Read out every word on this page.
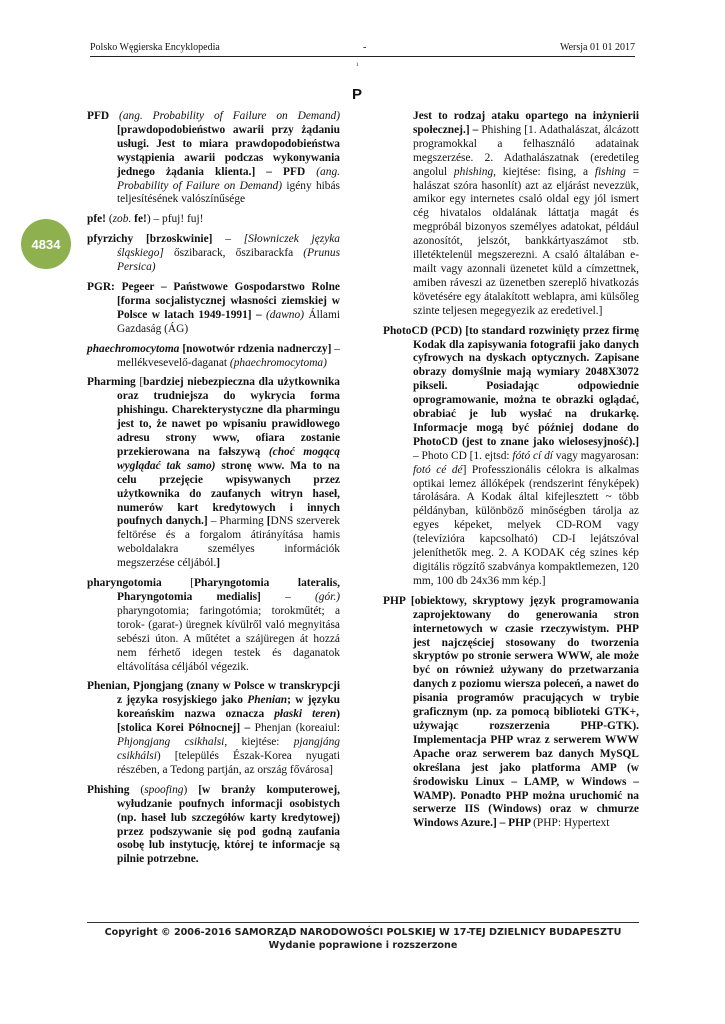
Polsko Węgierska Encyklopedia	-	Wersja 01 01 2017
1
P
4834

PFD (ang. Probability of Failure on Demand) [prawdopodobieństwo awarii przy żądaniu usługi. Jest to miara prawdopodobieństwa wystąpienia awarii podczas wykonywania jednego żądania klienta.] – PFD (ang. Probability of Failure on Demand) igény hibás teljesítésének valószínűsége

pfe! (zob. fe!) – pfuj! fuj!

pfyrzichy [brzoskwinie] – [Słowniczek języka śląskiego] őszibarack, őszibarackfa (Prunus Persica)

PGR: Pegeer – Państwowe Gospodarstwo Rolne [forma socjalistycznej własności ziemskiej w Polsce w latach 1949-1991] – (dawno) Állami Gazdaság (ÁG)

phaechromocytoma [nowotwór rdzenia nadnerczy] – mellékvesevelő-daganat (phaechromocytoma)

Pharming [bardziej niebezpieczna dla użytkownika oraz trudniejsza do wykrycia forma phishingu. Charekterystyczne dla pharmingu jest to, że nawet po wpisaniu prawidłowego adresu strony www, ofiara zostanie przekierowana na fałszywą (choć mogącą wyglądać tak samo) stronę www. Ma to na celu przejęcie wpisywanych przez użytkownika do zaufanych witryn haseł, numerów kart kredytowych i innych poufnych danych.] – Pharming [DNS szerverek feltörése és a forgalom átirányítása hamis weboldalakra személyes információk megszerzése céljából.]

pharyngotomia [Pharyngotomia lateralis, Pharyngotomia medialis] – (gór.) pharyngotomia; faringotómia; torokműtét; a torok- (garat-) üregnek kívülről való megnyitása sebészi úton. A műtétet a szájüregen át hozzá nem férhető idegen testek és daganatok eltávolítása céljából végezik.

Phenian, Pjongjang (znany w Polsce w transkrypcji z języka rosyjskiego jako Phenian; w języku koreańskim nazwa oznacza płaski teren) [stolica Korei Północnej] – Phenjan (koreaiul: Phjongjang csikhalsi, kiejtése: pjangjáng csikhálsi) [település Észak-Korea nyugati részében, a Tedong partján, az ország fővárosa]

Phishing (spoofing) [w branży komputerowej, wyłudzanie poufnych informacji osobistych (np. haseł lub szczegółów karty kredytowej) przez podszywanie się pod godną zaufania osobę lub instytucję, której te informacje są pilnie potrzebne.

Jest to rodzaj ataku opartego na inżynierii społecznej.] – Phishing [1. Adathalászat, álcázott programokkal a felhasználó adatainak megszerzése. 2. Adathalászatnak (eredetileg angolul phishing, kiejtése: fising, a fishing = halászat szóra hasonlít) azt az eljárást nevezzük, amikor egy internetes csaló oldal egy jól ismert cég hivatalos oldalának láttatja magát és megpróbál bizonyos személyes adatokat, például azonosítót, jelszót, bankkártyaszámot stb. illetéktelenül megszerezni. A csaló általában e-mailt vagy azonnali üzenetet küld a címzettnek, amiben ráveszi az üzenetben szereplő hivatkozás követésére egy átalakított weblapra, ami külsőleg szinte teljesen megegyezik az eredetivel.]

PhotoCD (PCD) [to standard rozwinięty przez firmę Kodak dla zapisywania fotografii jako danych cyfrowych na dyskach optycznych. Zapisane obrazy domyślnie mają wymiary 2048X3072 pikseli. Posiadając odpowiednie oprogramowanie, można te obrazki oglądać, obrabiać je lub wysłać na drukarkę. Informacje mogą być później dodane do PhotoCD (jest to znane jako wielosesyjność).] – Photo CD [1. ejtsd: fótó cí dí vagy magyarosan: fotó cé dé] Professzionális célokra is alkalmas optikai lemez állóképek (rendszerint fényképek) tárolására. A Kodak által kifejlesztett ~ több példányban, különböző minőségben tárolja az egyes képeket, melyek CD-ROM vagy (televízióra kapcsolható) CD-I lejátszóval jeleníthetők meg. 2. A KODAK cég szines kép digitális rögzítő szabványa kompaktlemezen, 120 mm, 100 db 24x36 mm kép.]

PHP [obiektowy, skryptowy język programowania zaprojektowany do generowania stron internetowych w czasie rzeczywistym. PHP jest najczęściej stosowany do tworzenia skryptów po stronie serwera WWW, ale może być on również używany do przetwarzania danych z poziomu wiersza poleceń, a nawet do pisania programów pracujących w trybie graficznym (np. za pomocą biblioteki GTK+, używając rozszerzenia PHP-GTK). Implementacja PHP wraz z serwerem WWW Apache oraz serwerem baz danych MySQL określana jest jako platforma AMP (w środowisku Linux – LAMP, w Windows – WAMP). Ponadto PHP można uruchomić na serwerze IIS (Windows) oraz w chmurze Windows Azure.] – PHP (PHP: Hypertext

Copyright © 2006-2016 SAMORZĄD NARODOWOŚCI POLSKIEJ W 17-TEJ DZIELNICY BUDAPESZTU
Wydanie poprawione i rozszerzone
